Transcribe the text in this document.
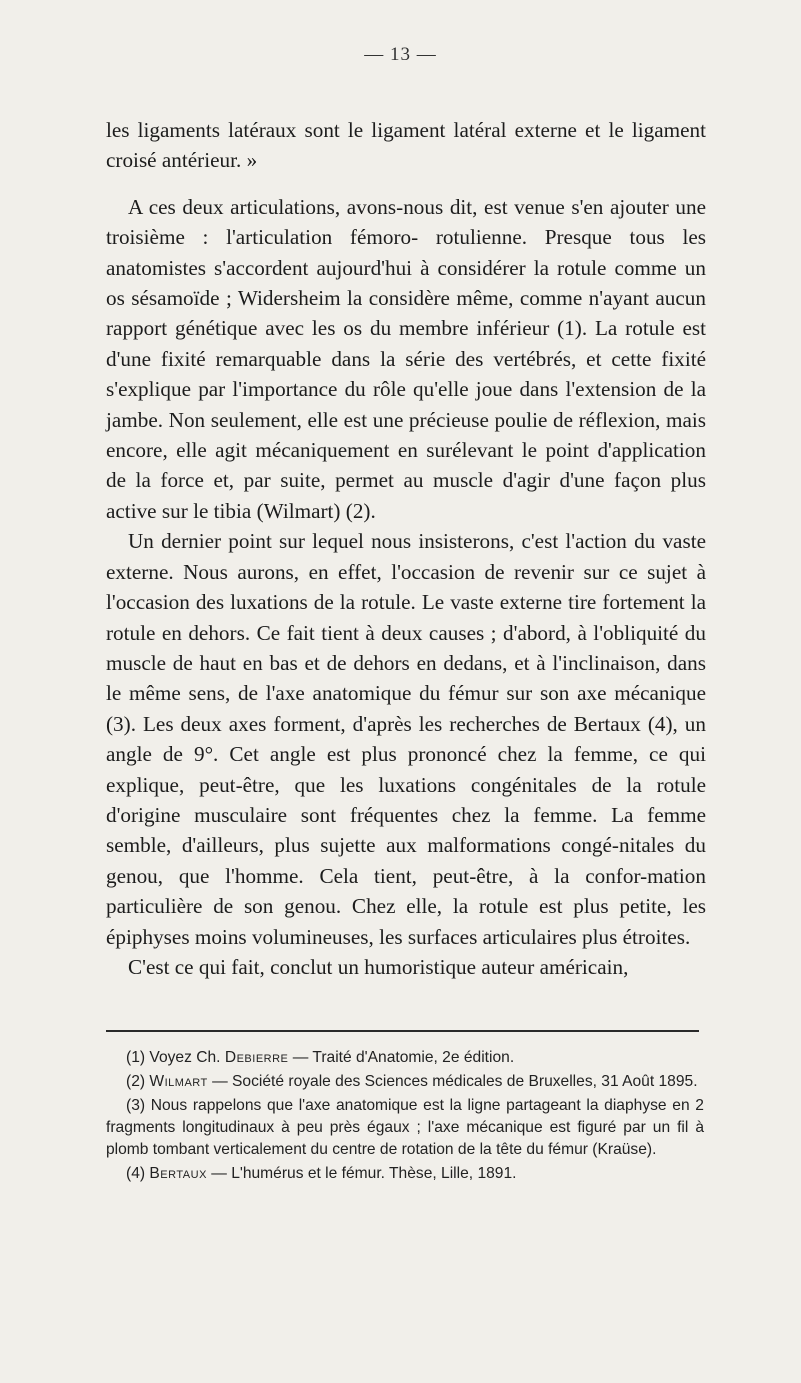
— 13 —

les ligaments latéraux sont le ligament latéral externe et le ligament croisé antérieur. »

A ces deux articulations, avons-nous dit, est venue s'en ajouter une troisième : l'articulation fémoro- rotulienne. Presque tous les anatomistes s'accordent aujourd'hui à considérer la rotule comme un os sésamoïde ; Widersheim la considère même, comme n'ayant aucun rapport génétique avec les os du membre inférieur (1). La rotule est d'une fixité remarquable dans la série des vertébrés, et cette fixité s'explique par l'importance du rôle qu'elle joue dans l'extension de la jambe. Non seulement, elle est une précieuse poulie de réflexion, mais encore, elle agit mécaniquement en surélevant le point d'application de la force et, par suite, permet au muscle d'agir d'une façon plus active sur le tibia (Wilmart) (2).

Un dernier point sur lequel nous insisterons, c'est l'action du vaste externe. Nous aurons, en effet, l'occasion de revenir sur ce sujet à l'occasion des luxations de la rotule. Le vaste externe tire fortement la rotule en dehors. Ce fait tient à deux causes ; d'abord, à l'obliquité du muscle de haut en bas et de dehors en dedans, et à l'inclinaison, dans le même sens, de l'axe anatomique du fémur sur son axe mécanique (3). Les deux axes forment, d'après les recherches de Bertaux (4), un angle de 9°. Cet angle est plus prononcé chez la femme, ce qui explique, peut-être, que les luxations congénitales de la rotule d'origine musculaire sont fréquentes chez la femme. La femme semble, d'ailleurs, plus sujette aux malformations congé-nitales du genou, que l'homme. Cela tient, peut-être, à la confor-mation particulière de son genou. Chez elle, la rotule est plus petite, les épiphyses moins volumineuses, les surfaces articulaires plus étroites.

C'est ce qui fait, conclut un humoristique auteur américain,

(1) Voyez Ch. Debierre — Traité d'Anatomie, 2e édition.

(2) Wilmart — Société royale des Sciences médicales de Bruxelles, 31 Août 1895.

(3) Nous rappelons que l'axe anatomique est la ligne partageant la diaphyse en 2 fragments longitudinaux à peu près égaux ; l'axe mécanique est figuré par un fil à plomb tombant verticalement du centre de rotation de la tête du fémur (Kraüse).

(4) Bertaux — L'humérus et le fémur. Thèse, Lille, 1891.
